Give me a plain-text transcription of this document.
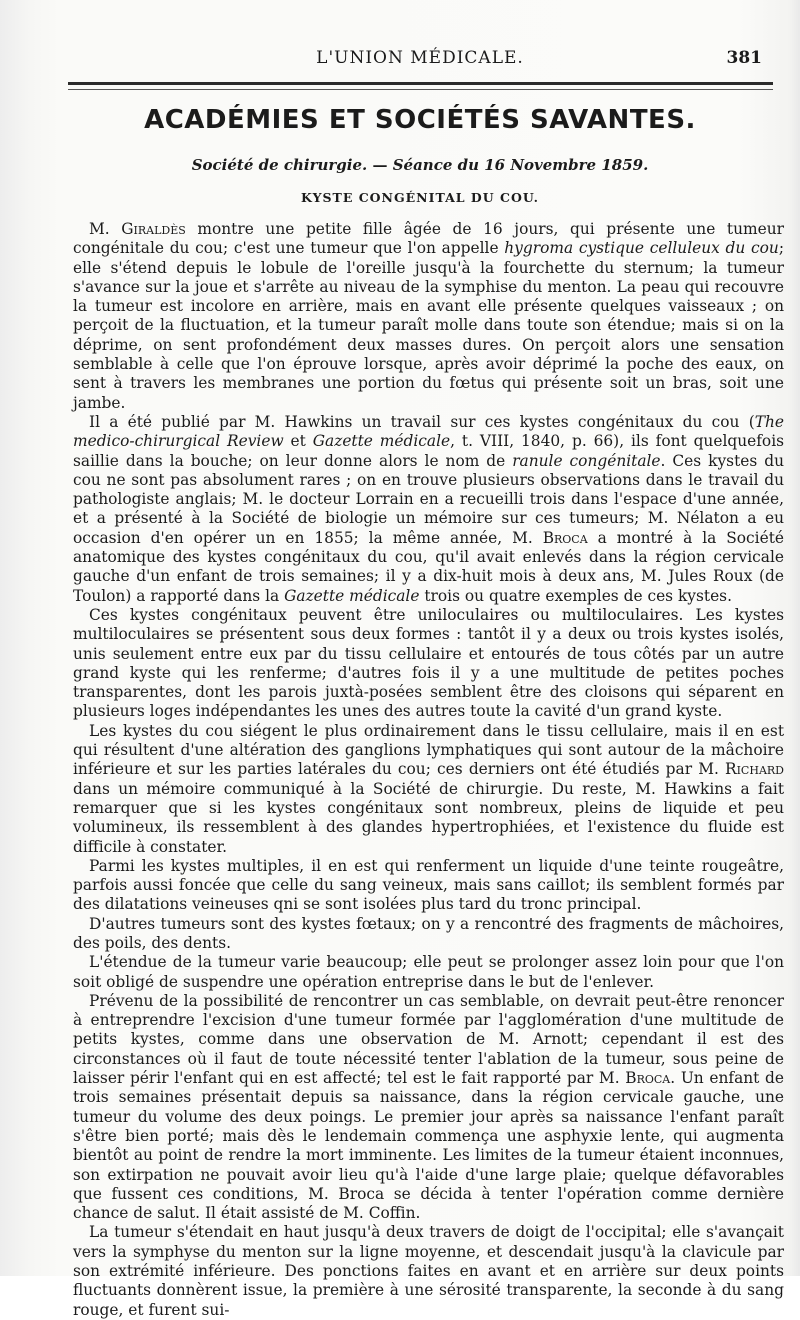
L'UNION MÉDICALE.	381
ACADÉMIES ET SOCIÉTÉS SAVANTES.
Société de chirurgie. — Séance du 16 Novembre 1859.
KYSTE CONGÉNITAL DU COU.

M. Giraldès montre une petite fille âgée de 16 jours, qui présente une tumeur congénitale du cou; c'est une tumeur que l'on appelle hygroma cystique celluleux du cou; elle s'étend depuis le lobule de l'oreille jusqu'à la fourchette du sternum; la tumeur s'avance sur la joue et s'arrête au niveau de la symphise du menton. La peau qui recouvre la tumeur est incolore en arrière, mais en avant elle présente quelques vaisseaux ; on perçoit de la fluctuation, et la tumeur paraît molle dans toute son étendue; mais si on la déprime, on sent profondément deux masses dures. On perçoit alors une sensation semblable à celle que l'on éprouve lorsque, après avoir déprimé la poche des eaux, on sent à travers les membranes une portion du fœtus qui présente soit un bras, soit une jambe.

Il a été publié par M. Hawkins un travail sur ces kystes congénitaux du cou (The medico-chirurgical Review et Gazette médicale, t. VIII, 1840, p. 66), ils font quelquefois saillie dans la bouche; on leur donne alors le nom de ranule congénitale. Ces kystes du cou ne sont pas absolument rares ; on en trouve plusieurs observations dans le travail du pathologiste anglais; M. le docteur Lorrain en a recueilli trois dans l'espace d'une année, et a présenté à la Société de biologie un mémoire sur ces tumeurs; M. Nélaton a eu occasion d'en opérer un en 1855; la même année, M. Broca a montré à la Société anatomique des kystes congénitaux du cou, qu'il avait enlevés dans la région cervicale gauche d'un enfant de trois semaines; il y a dix-huit mois à deux ans, M. Jules Roux (de Toulon) a rapporté dans la Gazette médicale trois ou quatre exemples de ces kystes.

Ces kystes congénitaux peuvent être uniloculaires ou multiloculaires. Les kystes multiloculaires se présentent sous deux formes : tantôt il y a deux ou trois kystes isolés, unis seulement entre eux par du tissu cellulaire et entourés de tous côtés par un autre grand kyste qui les renferme; d'autres fois il y a une multitude de petites poches transparentes, dont les parois juxtà-posées semblent être des cloisons qui séparent en plusieurs loges indépendantes les unes des autres toute la cavité d'un grand kyste.

Les kystes du cou siégent le plus ordinairement dans le tissu cellulaire, mais il en est qui résultent d'une altération des ganglions lymphatiques qui sont autour de la mâchoire inférieure et sur les parties latérales du cou; ces derniers ont été étudiés par M. Richard dans un mémoire communiqué à la Société de chirurgie. Du reste, M. Hawkins a fait remarquer que si les kystes congénitaux sont nombreux, pleins de liquide et peu volumineux, ils ressemblent à des glandes hypertrophiées, et l'existence du fluide est difficile à constater.

Parmi les kystes multiples, il en est qui renferment un liquide d'une teinte rougeâtre, parfois aussi foncée que celle du sang veineux, mais sans caillot; ils semblent formés par des dilatations veineuses qni se sont isolées plus tard du tronc principal.

D'autres tumeurs sont des kystes fœtaux; on y a rencontré des fragments de mâchoires, des poils, des dents.

L'étendue de la tumeur varie beaucoup; elle peut se prolonger assez loin pour que l'on soit obligé de suspendre une opération entreprise dans le but de l'enlever.

Prévenu de la possibilité de rencontrer un cas semblable, on devrait peut-être renoncer à entreprendre l'excision d'une tumeur formée par l'agglomération d'une multitude de petits kystes, comme dans une observation de M. Arnott; cependant il est des circonstances où il faut de toute nécessité tenter l'ablation de la tumeur, sous peine de laisser périr l'enfant qui en est affecté; tel est le fait rapporté par M. Broca. Un enfant de trois semaines présentait depuis sa naissance, dans la région cervicale gauche, une tumeur du volume des deux poings. Le premier jour après sa naissance l'enfant paraît s'être bien porté; mais dès le lendemain commença une asphyxie lente, qui augmenta bientôt au point de rendre la mort imminente. Les limites de la tumeur étaient inconnues, son extirpation ne pouvait avoir lieu qu'à l'aide d'une large plaie; quelque défavorables que fussent ces conditions, M. Broca se décida à tenter l'opération comme dernière chance de salut. Il était assisté de M. Coffin.

La tumeur s'étendait en haut jusqu'à deux travers de doigt de l'occipital; elle s'avançait vers la symphyse du menton sur la ligne moyenne, et descendait jusqu'à la clavicule par son extrémité inférieure. Des ponctions faites en avant et en arrière sur deux points fluctuants donnèrent issue, la première à une sérosité transparente, la seconde à du sang rouge, et furent sui-
